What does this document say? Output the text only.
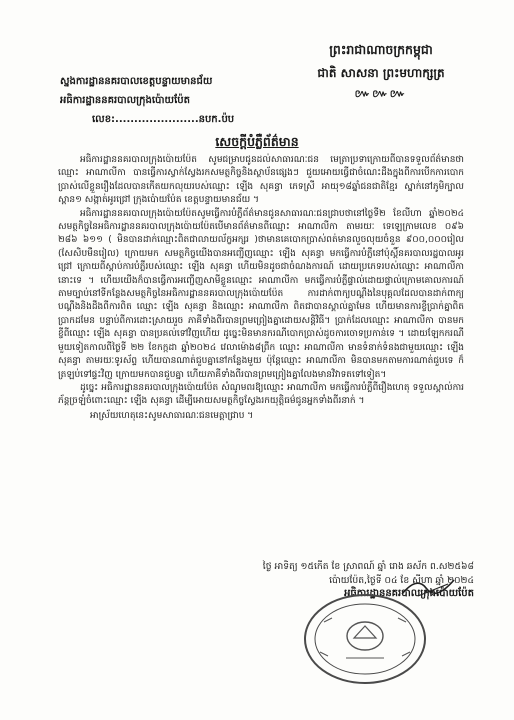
ព្រះរាជាណាចក្រកម្ពុជា
ជាតិ សាសនា ព្រះមហាក្សត្រ
៚៚៚
ស្នងការដ្ឋាននគរបាលខេត្តបន្ទាយមានជ័យ
អធិការដ្ឋាននគរបាលក្រុងប៉ោយប៉ែត
លេខ:......................នបក.ប៉ប
សេចក្តីបំភ្លឺព័ត៌មាន

អធិការដ្ឋាននគរបាលក្រុងប៉ោយប៉ែត សូមជម្រាបជូនដល់សាធារណៈជន មេត្រាប្រទាក្រោយពីបានទទួលព័ត៌មានថាឈ្មោះ អាណាលីកា បានធ្វើការស្វាក់ស្វែងរកសមត្ថកិច្ចនិងស្ថាប័នផ្សេងៗ ជួយអោយធ្វើជាចំណេះដឹងក្នុងពីការបើកការបោកប្រាស់លើខ្លួនរឿងដែលបានកើតយកលុយរបស់ឈ្មោះ ឡើង សុគន្ធា ភេទស្រី អាយុ១៨ឆ្នាំជនជាតិខ្មែរ ស្នាក់នៅភូមិក្បាលស្ពាន១ សង្កាត់អូរជ្រៅ ក្រុងប៉ោយប៉ែត ខេត្តបន្ទាយមានជ័យ ។

អធិការដ្ឋាននគរបាលក្រុងប៉ោយប៉ែតសូមធ្វើការបំភ្លឺព័ត៌មានជូនសាធារណៈជនជ្រាបថានៅថ្ងៃទី២ ខែលីហា ឆ្នាំ២០២៤ សមត្ថកិច្ចនៃអធិការដ្ឋាននគរបាលក្រុងប៉ោយប៉ែតបើមានព័ត៌មានពីឈ្មោះ អាណាលីកា តាមរយៈ ទេឡេក្រាមលេខ ០៩៦ ២៨៦ ៦១១ ( មិនបានដាក់ឈ្មោះពិតជាលាយល័ក្ខអក្សរ )ថាមានគេបោកប្រាស់ពត់មានលួចលុយចំនួន ៩០០,០០០រៀល (សែសិបមឺនរៀល) ក្រោយមក សមត្ថកិច្ចយើងបានអញ្ជើញឈ្មោះ ឡើង សុគន្ធា មកធ្វើការបំភ្លឺនៅប៉ុស្តិ៍នគរបាលរដ្ឋបាលអូរជ្រៅ ក្រោយពីស្តាប់ការបំភ្លឺរបស់ឈ្មោះ ឡើង សុគន្ធា ហើយមិនដូចជាចំណងការណ៍ ដោយប្រភេទរបស់ឈ្មោះ អាណាលីកា នោះទេ ។ ហើយយើងក៏បានធ្វើការអញ្ជើញសាមីខ្លួនឈ្មោះ អាណាលីកា មកធ្វើការបំភ្លឺផ្ទាល់ដោយផ្ទាល់ក្រោមគោលការណ៍តាមច្បាប់នៅទីកន្លែងសមត្ថកិច្ចនៃអធិការដ្ឋាននគរបាលក្រុងប៉ោយប៉ែត ការដាក់ពាក្យបណ្តឹងនៃបុគ្គលដែលបានដាក់ពាក្យបណ្តឹងនិងដឹងពីការពិត ឈ្មោះ ឡើង សុគន្ធា និងឈ្មោះ អាណាលីកា ពិតជាបានស្គាល់គ្នាមែន ហើយមានការខ្ចីប្រាក់គ្នាពិតប្រាកដមែន បន្ទាប់ពីការដោះស្រាយរួច ភាគីទាំងពីរបានព្រមព្រៀងគ្នាដោយសន្តិវិធី។ ប្រាក់ដែលឈ្មោះ អាណាលីកា បានមកខ្ចីពីឈ្មោះ ឡើង សុគន្ធា បានប្រគល់ទៅវិញហើយ ដូច្នេះមិនមានករណីបោកប្រាស់ដូចការចោទប្រកាន់ទេ ។ ដោយឡែកករណីមួយទៀតកាលពីថ្ងៃទី ២២ ខែកក្កដា ឆ្នាំ២០២៤ វេលាម៉ោង៨ព្រឹក ឈ្មោះ អាណាលីកា មានទំនាក់ទំនងជាមួយឈ្មោះ ឡើង សុគន្ធា តាមរយៈទូរស័ព្ទ ហើយបានណាត់ជួបគ្នានៅកន្លែងមួយ ប៉ុន្តែឈ្មោះ អាណាលីកា មិនបានមកតាមការណាត់ជួបទេ ក៏ត្រឡប់ទៅផ្ទះវិញ ក្រោយមកបានជួបគ្នា ហើយភាគីទាំងពីរបានព្រមព្រៀងគ្នាលែងមានវិវាទតទៅទៀត។

ដូច្នេះ អធិការដ្ឋាននគរបាលក្រុងប៉ោយប៉ែត សំណូមពរឱ្យឈ្មោះ អាណាលីកា មកធ្វើការបំភ្លឺពីរឿងហេតុ ទទួលស្គាល់ការភ័ន្តច្រឡំចំពោះឈ្មោះ ឡើង សុគន្ធា ដើម្បីអោយសមត្ថកិច្ចស្វែងរកយុត្តិធម៌ជូនអ្នកទាំងពីរនាក់ ។

អាស្រ័យហេតុនេះសូមសាធារណៈជនមេត្តាជ្រាប ។

ថ្ងៃ អាទិត្យ ១៥កើត ខែ ស្រាពណ៍ ឆ្នាំ រោង ឆស័ក ព.ស២៥៦៨
ប៉ោយប៉ែត,ថ្ងៃទី ០៤ ខែ សីហា ឆ្នាំ ២០២៤
អធិការដ្ឋាននគរបាលក្រុងប៉ោយប៉ែត
